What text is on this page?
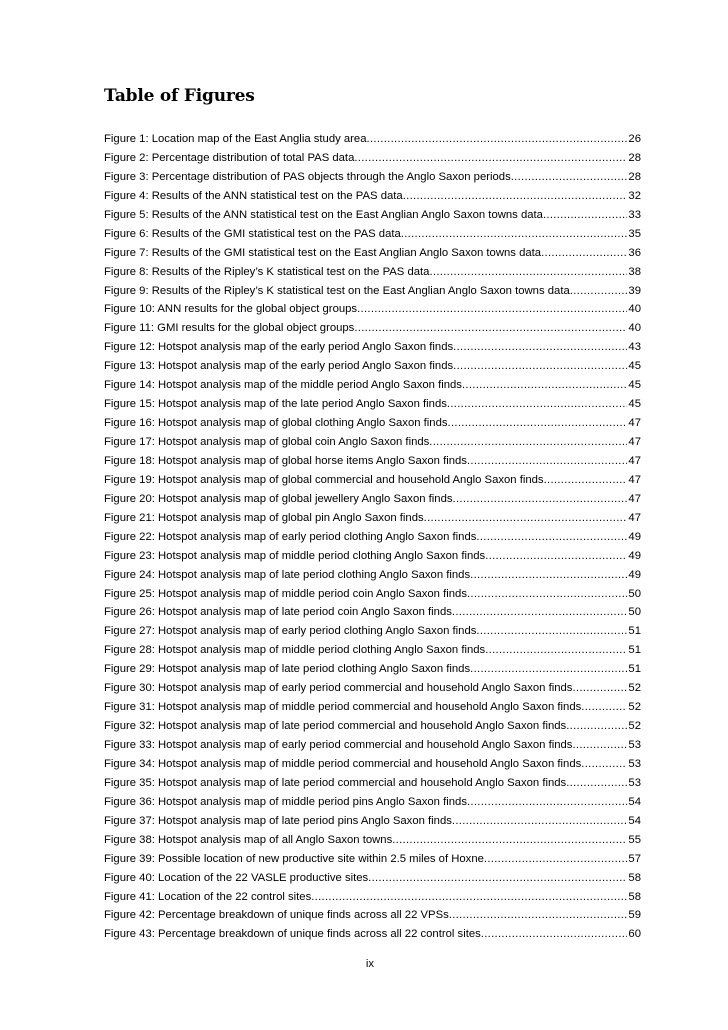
Table of Figures
Figure 1: Location map of the East Anglia study area .....	26
Figure 2: Percentage distribution of total PAS data .....	28
Figure 3: Percentage distribution of PAS objects through the Anglo Saxon periods .....	28
Figure 4: Results of the ANN statistical test on the PAS data .....	32
Figure 5: Results of the ANN statistical test on the East Anglian Anglo Saxon towns data .....	33
Figure 6: Results of the GMI statistical test on the PAS data .....	35
Figure 7: Results of the GMI statistical test on the East Anglian Anglo Saxon towns data .....	36
Figure 8: Results of the Ripley’s K statistical test on the PAS data .....	38
Figure 9: Results of the Ripley’s K statistical test on the East Anglian Anglo Saxon towns data .....	39
Figure 10: ANN results for the global object groups .....	40
Figure 11: GMI results for the global object groups .....	40
Figure 12: Hotspot analysis map of the early period Anglo Saxon finds .....	43
Figure 13: Hotspot analysis map of the early period Anglo Saxon finds .....	45
Figure 14: Hotspot analysis map of the middle period Anglo Saxon finds .....	45
Figure 15: Hotspot analysis map of the late period Anglo Saxon finds .....	45
Figure 16: Hotspot analysis map of global clothing Anglo Saxon finds .....	47
Figure 17: Hotspot analysis map of global coin Anglo Saxon finds .....	47
Figure 18: Hotspot analysis map of global horse items Anglo Saxon finds .....	47
Figure 19: Hotspot analysis map of global commercial and household Anglo Saxon finds .....	47
Figure 20: Hotspot analysis map of global jewellery Anglo Saxon finds .....	47
Figure 21: Hotspot analysis map of global pin Anglo Saxon finds .....	47
Figure 22: Hotspot analysis map of early period clothing Anglo Saxon finds .....	49
Figure 23: Hotspot analysis map of middle period clothing Anglo Saxon finds .....	49
Figure 24: Hotspot analysis map of late period clothing Anglo Saxon finds .....	49
Figure 25: Hotspot analysis map of middle period coin Anglo Saxon finds .....	50
Figure 26: Hotspot analysis map of late period coin Anglo Saxon finds .....	50
Figure 27: Hotspot analysis map of early period clothing Anglo Saxon finds .....	51
Figure 28: Hotspot analysis map of middle period clothing Anglo Saxon finds .....	51
Figure 29: Hotspot analysis map of late period clothing Anglo Saxon finds .....	51
Figure 30: Hotspot analysis map of early period commercial and household Anglo Saxon finds .....	52
Figure 31: Hotspot analysis map of middle period commercial and household Anglo Saxon finds .....	52
Figure 32: Hotspot analysis map of late period commercial and household Anglo Saxon finds .....	52
Figure 33: Hotspot analysis map of early period commercial and household Anglo Saxon finds .....	53
Figure 34: Hotspot analysis map of middle period commercial and household Anglo Saxon finds .....	53
Figure 35: Hotspot analysis map of late period commercial and household Anglo Saxon finds .....	53
Figure 36: Hotspot analysis map of middle period pins Anglo Saxon finds .....	54
Figure 37: Hotspot analysis map of late period pins Anglo Saxon finds .....	54
Figure 38: Hotspot analysis map of all Anglo Saxon towns .....	55
Figure 39: Possible location of new productive site within 2.5 miles of Hoxne .....	57
Figure 40: Location of the 22 VASLE productive sites .....	58
Figure 41: Location of the 22 control sites .....	58
Figure 42: Percentage breakdown of unique finds across all 22 VPSs .....	59
Figure 43: Percentage breakdown of unique finds across all 22 control sites .....	60
ix
